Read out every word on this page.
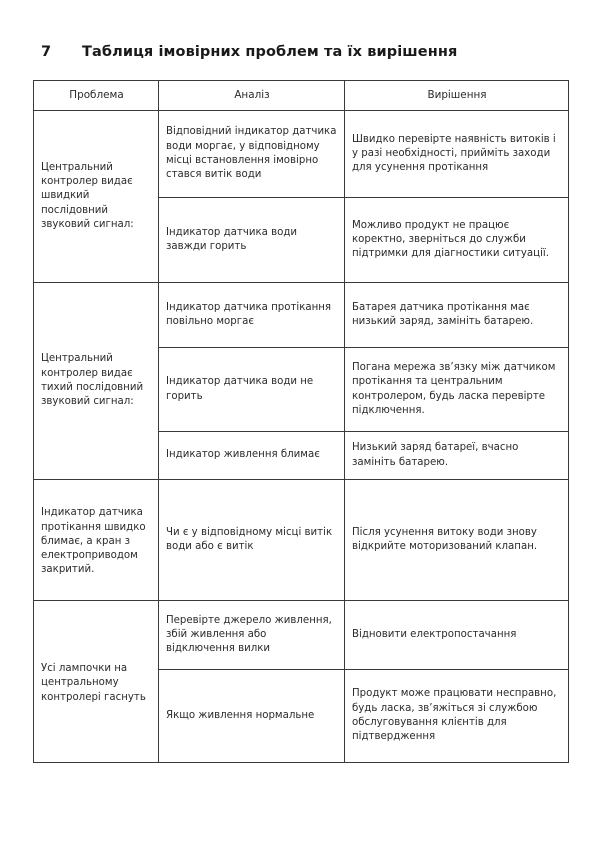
7 Таблиця імовірних проблем та їх вирішення
Проблема	Аналіз	Вирішення
Центральний контролер видає швидкий послідовний звуковий сигнал:	Відповідний індикатор датчика води моргає, у відповідному місці встановлення імовірно стався витік води	Швидко перевірте наявність витоків і у разі необхідності, прийміть заходи для усунення протікання
	Індикатор датчика води завжди горить	Можливо продукт не працює коректно, зверніться до служби підтримки для діагностики ситуації.
Центральний контролер видає тихий послідовний звуковий сигнал:	Індикатор датчика протікання повільно моргає	Батарея датчика протікання має низький заряд, замініть батарею.
	Індикатор датчика води не горить	Погана мережа зв’язку між датчиком протікання та центральним контролером, будь ласка перевірте підключення.
	Індикатор живлення блимає	Низький заряд батареї, вчасно замініть батарею.
Індикатор датчика протікання швидко блимає, а кран з електроприводом закритий.	Чи є у відповідному місці витік води або є витік	Після усунення витоку води знову відкрийте моторизований клапан.
Усі лампочки на центральному контролері гаснуть	Перевірте джерело живлення, збій живлення або відключення вилки	Відновити електропостачання
	Якщо живлення нормальне	Продукт може працювати несправно, будь ласка, зв’яжіться зі службою обслуговування клієнтів для підтвердження
